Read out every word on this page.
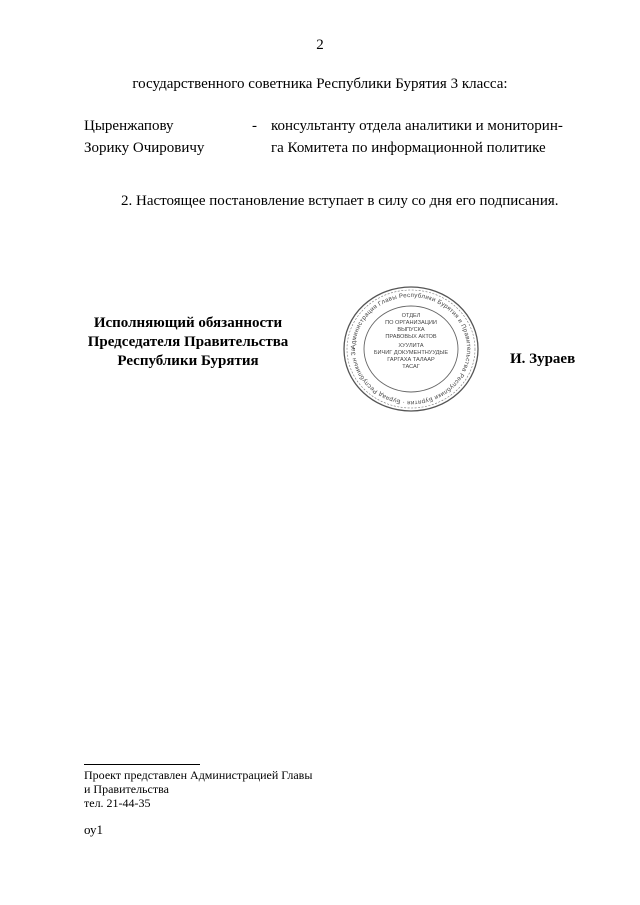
2
государственного советника Республики Бурятия 3 класса:
Цыренжапову
Зорику Очировичу
- консультанту отдела аналитики и мониторин-
га Комитета по информационной политике
2. Настоящее постановление вступает в силу со дня его подписания.
Исполняющий обязанности
Председателя Правительства
Республики Бурятия
Администрация Главы Республики Бурятия и Правительства Республики Бурятия · Буряад Республикын За
ОТДЕЛ
ПО ОРГАНИЗАЦИИ
ВЫПУСКА
ПРАВОВЫХ АКТОВ
ХУУЛИТА
БИЧИГ ДОКУМЕНТНУУДЫЕ
ГАРГАХА ТАЛААР
ТАСАГ	И. Зураев
Проект представлен Администрацией Главы
и Правительства
тел. 21-44-35
оу1
